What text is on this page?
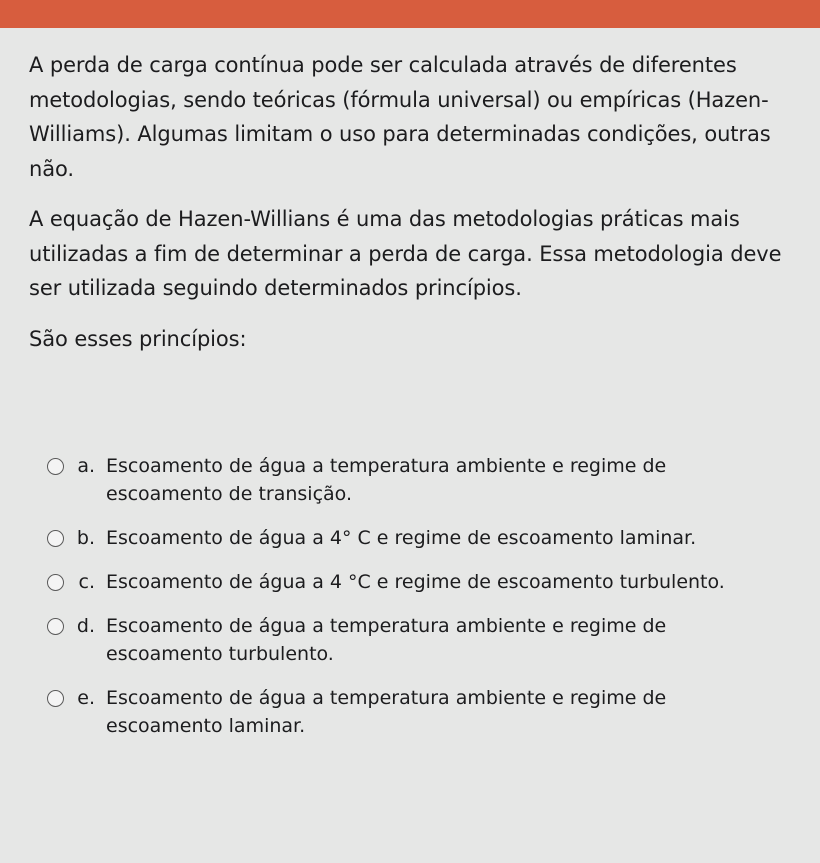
A perda de carga contínua pode ser calculada através de diferentes metodologias, sendo teóricas (fórmula universal) ou empíricas (Hazen-Williams). Algumas limitam o uso para determinadas condições, outras não.

A equação de Hazen-Willians é uma das metodologias práticas mais utilizadas a fim de determinar a perda de carga. Essa metodologia deve ser utilizada seguindo determinados princípios.

São esses princípios:

a. Escoamento de água a temperatura ambiente e regime de escoamento de transição.
b. Escoamento de água a 4° C e regime de escoamento laminar.
c. Escoamento de água a 4 °C e regime de escoamento turbulento.
d. Escoamento de água a temperatura ambiente e regime de escoamento turbulento.
e. Escoamento de água a temperatura ambiente e regime de escoamento laminar.
